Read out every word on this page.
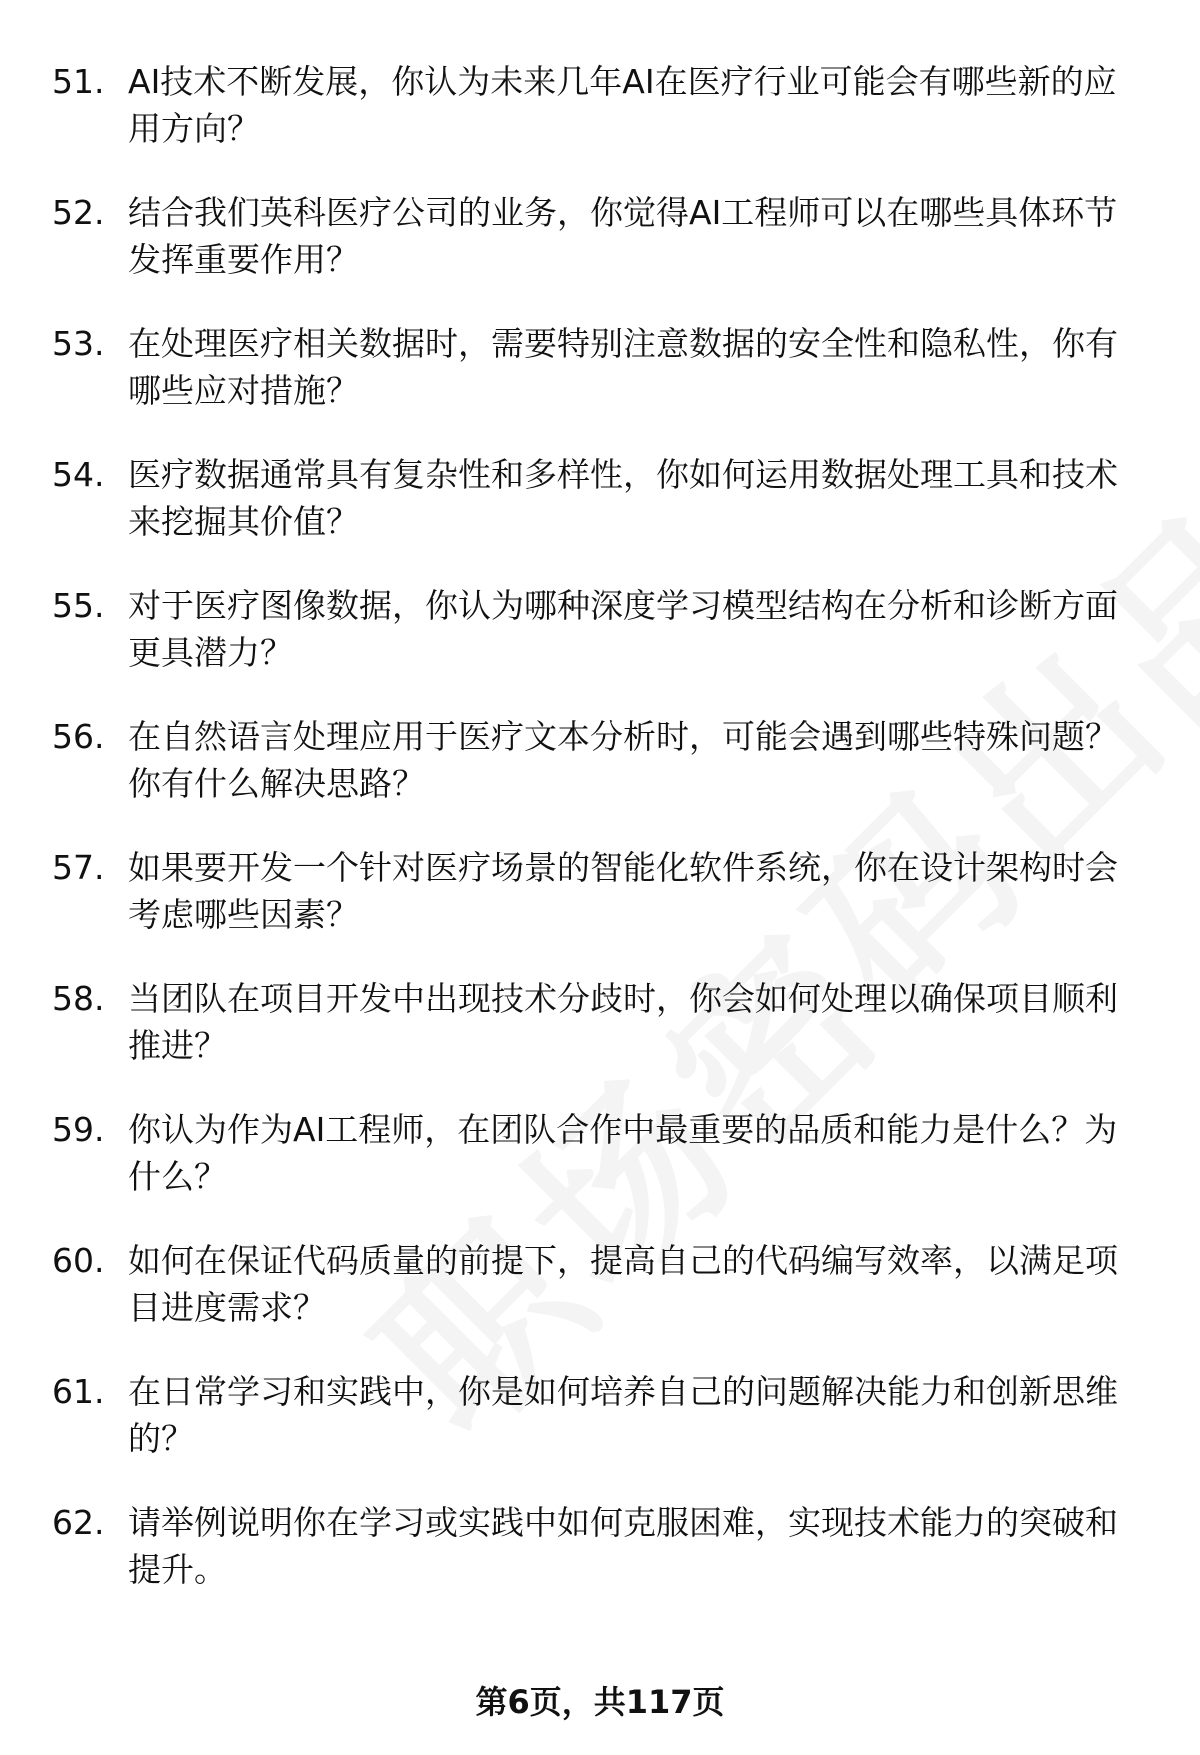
51. AI技术不断发展，你认为未来几年AI在医疗行业可能会有哪些新的应用方向？
52. 结合我们英科医疗公司的业务，你觉得AI工程师可以在哪些具体环节发挥重要作用？
53. 在处理医疗相关数据时，需要特别注意数据的安全性和隐私性，你有哪些应对措施？
54. 医疗数据通常具有复杂性和多样性，你如何运用数据处理工具和技术来挖掘其价值？
55. 对于医疗图像数据，你认为哪种深度学习模型结构在分析和诊断方面更具潜力？
56. 在自然语言处理应用于医疗文本分析时，可能会遇到哪些特殊问题？你有什么解决思路？
57. 如果要开发一个针对医疗场景的智能化软件系统，你在设计架构时会考虑哪些因素？
58. 当团队在项目开发中出现技术分歧时，你会如何处理以确保项目顺利推进？
59. 你认为作为AI工程师，在团队合作中最重要的品质和能力是什么？为什么？
60. 如何在保证代码质量的前提下，提高自己的代码编写效率，以满足项目进度需求？
61. 在日常学习和实践中，你是如何培养自己的问题解决能力和创新思维的？
62. 请举例说明你在学习或实践中如何克服困难，实现技术能力的突破和提升。
第6页，共117页
